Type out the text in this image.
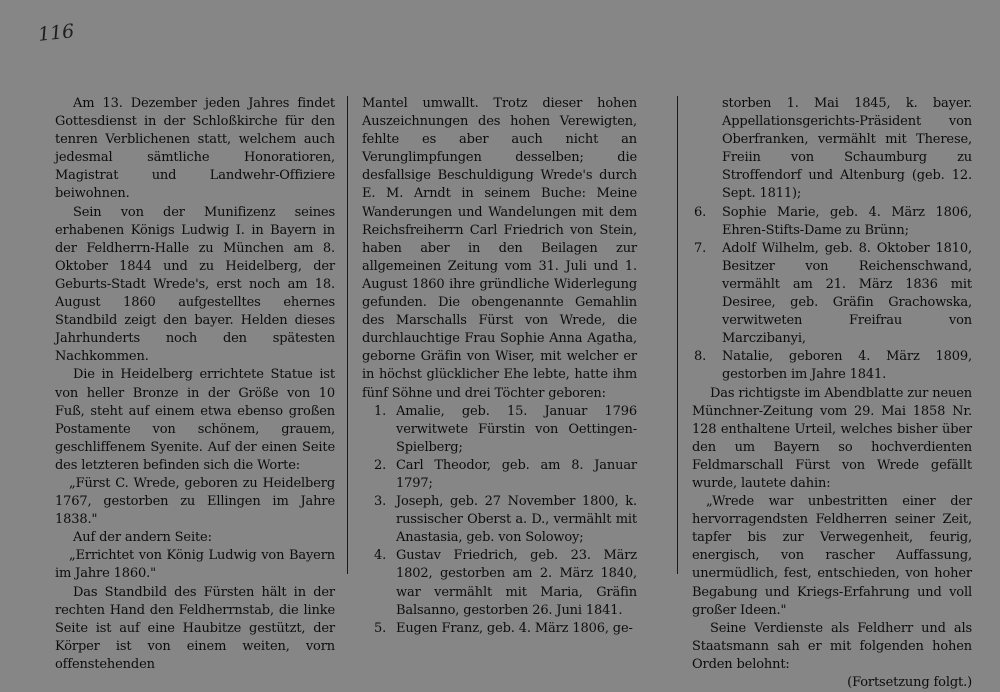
116

Am 13. Dezember jeden Jahres findet Gottesdienst in der Schloßkirche für den tenren Verblichenen statt, welchem auch jedesmal sämtliche Honoratioren, Magistrat und Landwehr-Offiziere beiwohnen.

Sein von der Munifizenz seines erhabenen Königs Ludwig I. in Bayern in der Feldherrn-Halle zu München am 8. Oktober 1844 und zu Heidelberg, der Geburts-Stadt Wrede's, erst noch am 18. August 1860 aufgestelltes ehernes Standbild zeigt den bayer. Helden dieses Jahrhunderts noch den spätesten Nachkommen.

Die in Heidelberg errichtete Statue ist von heller Bronze in der Größe von 10 Fuß, steht auf einem etwa ebenso großen Postamente von schönem, grauem, geschliffenem Syenite. Auf der einen Seite des letzteren befinden sich die Worte:

„Fürst C. Wrede, geboren zu Heidelberg 1767, gestorben zu Ellingen im Jahre 1838."

Auf der andern Seite:

„Errichtet von König Ludwig von Bayern im Jahre 1860."

Das Standbild des Fürsten hält in der rechten Hand den Feldherrnstab, die linke Seite ist auf eine Haubitze gestützt, der Körper ist von einem weiten, vorn offenstehenden

Mantel umwallt. Trotz dieser hohen Auszeichnungen des hohen Verewigten, fehlte es aber auch nicht an Verunglimpfungen desselben; die desfallsige Beschuldigung Wrede's durch E. M. Arndt in seinem Buche: Meine Wanderungen und Wandelungen mit dem Reichsfreiherrn Carl Friedrich von Stein, haben aber in den Beilagen zur allgemeinen Zeitung vom 31. Juli und 1. August 1860 ihre gründliche Widerlegung gefunden. Die obengenannte Gemahlin des Marschalls Fürst von Wrede, die durchlauchtige Frau Sophie Anna Agatha, geborne Gräfin von Wiser, mit welcher er in höchst glücklicher Ehe lebte, hatte ihm fünf Söhne und drei Töchter geboren:

1. Amalie, geb. 15. Januar 1796 verwitwete Fürstin von Oettingen-Spielberg;
2. Carl Theodor, geb. am 8. Januar 1797;
3. Joseph, geb. 27 November 1800, k. russischer Oberst a. D., vermählt mit Anastasia, geb. von Solowoy;
4. Gustav Friedrich, geb. 23. März 1802, gestorben am 2. März 1840, war vermählt mit Maria, Gräfin Balsanno, gestorben 26. Juni 1841.
5. Eugen Franz, geb. 4. März 1806, ge-
storben 1. Mai 1845, k. bayer. Appellationsgerichts-Präsident von Oberfranken, vermählt mit Therese, Freiin von Schaumburg zu Stroffendorf und Altenburg (geb. 12. Sept. 1811);
6. Sophie Marie, geb. 4. März 1806, Ehren-Stifts-Dame zu Brünn;
7. Adolf Wilhelm, geb. 8. Oktober 1810, Besitzer von Reichenschwand, vermählt am 21. März 1836 mit Desiree, geb. Gräfin Grachowska, verwitweten Freifrau von Marczibanyi,
8. Natalie, geboren 4. März 1809, gestorben im Jahre 1841.

Das richtigste im Abendblatte zur neuen Münchner-Zeitung vom 29. Mai 1858 Nr. 128 enthaltene Urteil, welches bisher über den um Bayern so hochverdienten Feldmarschall Fürst von Wrede gefällt wurde, lautete dahin:

„Wrede war unbestritten einer der hervorragendsten Feldherren seiner Zeit, tapfer bis zur Verwegenheit, feurig, energisch, von rascher Auffassung, unermüdlich, fest, entschieden, von hoher Begabung und Kriegs-Erfahrung und voll großer Ideen."

Seine Verdienste als Feldherr und als Staatsmann sah er mit folgenden hohen Orden belohnt:

(Fortsetzung folgt.)
